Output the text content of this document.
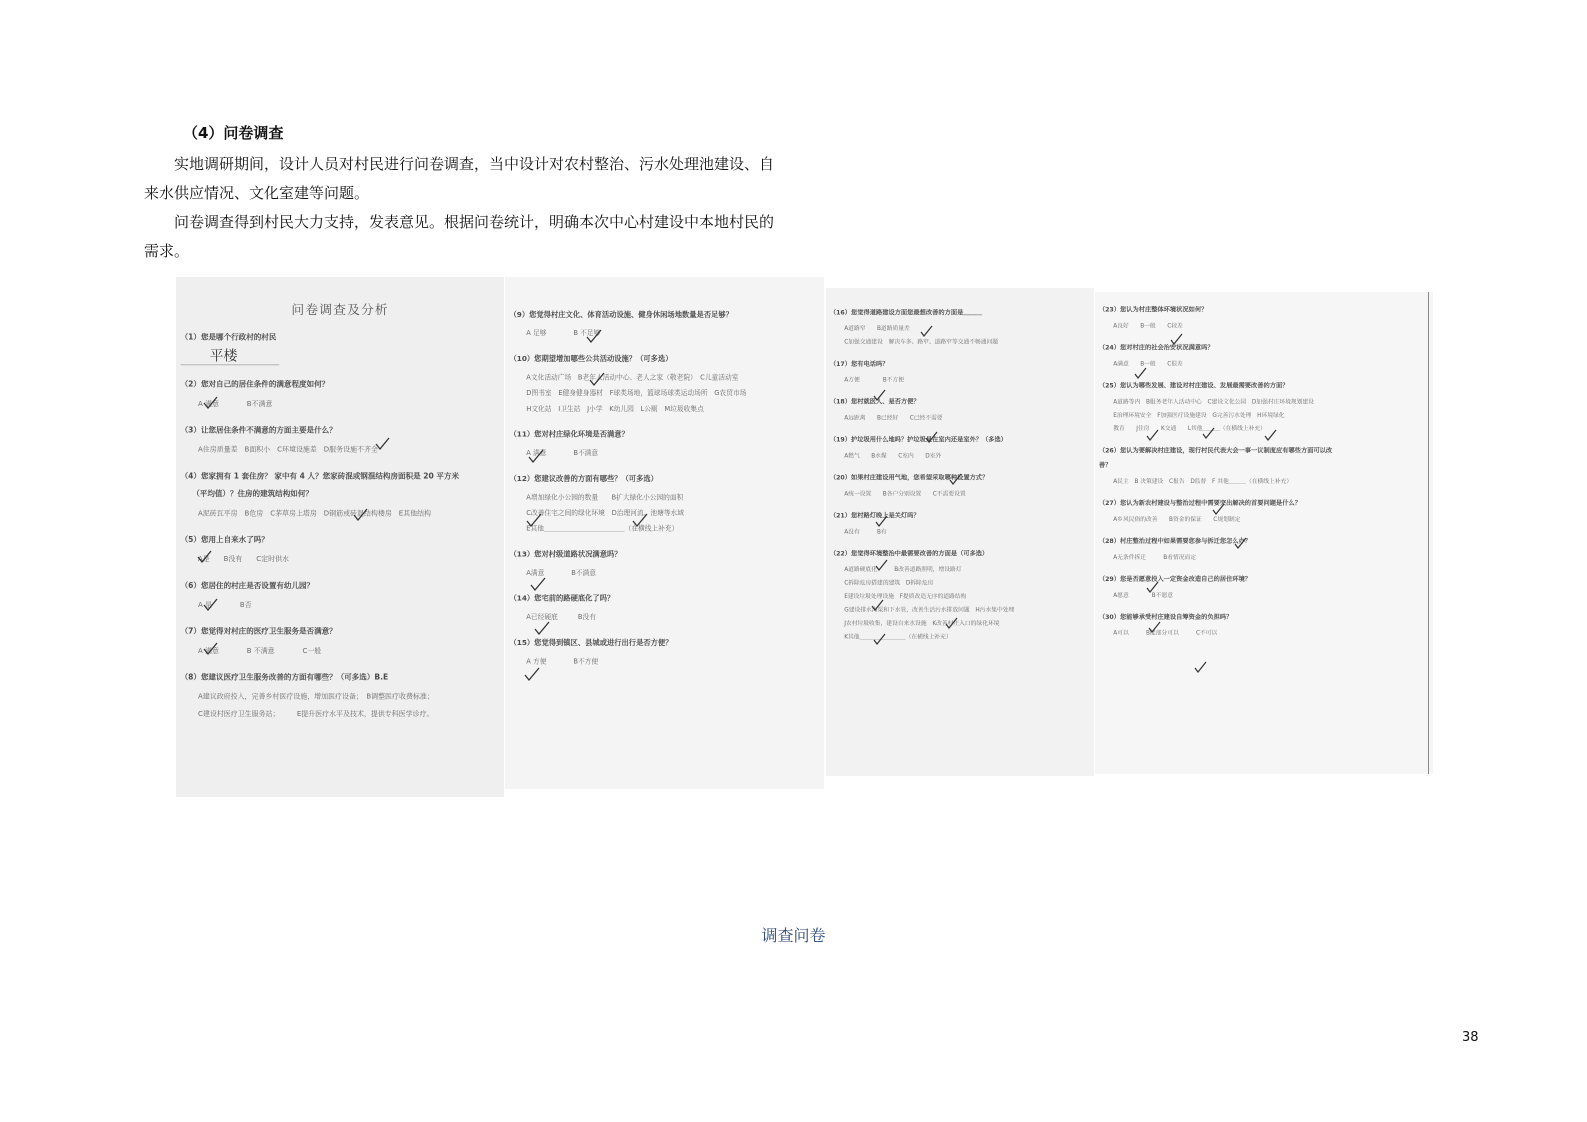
（4）问卷调查
实地调研期间，设计人员对村民进行问卷调查，当中设计对农村整治、污水处理池建设、自来水供应情况、文化室建等问题。
问卷调查得到村民大力支持，发表意见。根据问卷统计，明确本次中心村建设中本地村民的需求。
问卷调查及分析
（1）您是哪个行政村的村民
平楼
（2）您对自己的居住条件的满意程度如何？
A 满意　　　　B不满意
（3）让您居住条件不满意的方面主要是什么？
A住房质量差　B面积小　C环境设施差　D服务设施不齐全
（4）您家拥有 1 套住房？ 家中有 4 人？您家砖混或钢混结构房面积是 20 平方米
（平均值）？住房的建筑结构如何？
A泥砖瓦平房　B危房　C茅草房上塔房　D钢筋或砖混结构楼房　E其他结构
（5）您用上自来水了吗？
A是　　B没有　　C定时供水
（6）您居住的村庄是否设置有幼儿园？
A 是　　　　B否
（7）您觉得对村庄的医疗卫生服务是否满意？
A 满意　　　　B 不满意　　　　C一般
（8）您建议医疗卫生服务改善的方面有哪些？（可多选）B.E
A建议政府投入，完善乡村医疗设施，增加医疗设备；　B调整医疗收费标准；
C建设村医疗卫生服务站；　　　E提升医疗水平及技术，提供专科医学诊疗。
（9）您觉得村庄文化、体育活动设施、健身休闲场地数量是否足够？
A 足够　　　　B 不足够
（10）您期望增加哪些公共活动设施？（可多选）
A文化活动广场　B老年人活动中心、老人之家（敬老院）　C儿童活动室
D图书室　E健身健身器材　F球类场地，篮球场球类运动场所　G农贸市场
H文化站　I卫生站　J小学　K幼儿园　L公厕　M垃圾收集点
（11）您对村庄绿化环境是否满意？
A 满意　　　　B不满意
（12）您建议改善的方面有哪些？（可多选）
A增加绿化小公园的数量　　B扩大绿化小公园的面积
C改善住宅之间的绿化环境　D治理河流、池塘等水域
E其他＿＿＿＿＿＿＿＿＿＿＿＿（在横线上补充）
（13）您对村级道路状况满意吗？
A满意　　　　B不满意
（14）您宅前的路硬底化了吗？
A已经硬底　　　B没有
（15）您觉得到镇区、县城或进行出行是否方便？
A 方便　　　　B不方便
（16）您觉得道路建设方面您最想改善的方面是＿＿＿
A道路窄　　B道路质量差
C加强交通建设　解决车多、路窄、道路窄等交通不畅通问题
（17）您有电话吗？
A方便　　　　B不方便
（18）您村就医人、是否方便？
A远距离　　B已经好　　C已经不需要
（19）护垃圾用什么地吗？护垃圾是在室内还是室外？（多选）
A燃气　　B水煤　　C室内　　D室外
（20）如果村庄建设用气地，您希望采取哪种设置方式？
A统一设置　　B各户分别设置　　C不需要设置
（21）您村路灯晚上是关灯吗？
A没有　　　B有
（22）您觉得环境整治中最需要改善的方面是（可多选）
A道路硬底化　　　B改善道路照明，增设路灯
C拆除危房搭建的建筑　D拆除危房
E建设垃圾处理设施　F提质改造无序的道路结构
G建设排水沟渠和下水管，改善生活污水排放问题　H污水集中处理
J农村垃圾收集，建设自来水设施　K改善村庄入口的绿化环境
K其他＿＿＿＿＿＿＿＿（在横线上补充）
（23）您认为村庄整体环境状况如何？
A良好　　B一般　　C较差
（24）您对村庄的社会治安状况满意吗？
A满意　　B一般　　C很差
（25）您认为哪些发展、建设对村庄建设、发展最需要改善的方面？
A道路等内　B服务老年人活动中心　C建设文化公园　D加强村庄环境规划建设
E治理环境安全　F加强医疗设施建设　G完善污水处理　H环境绿化
教育　　J住房　　K交通　　L其他＿＿＿（在横线上补充）
（26）您认为要解决村庄建设，现行村民代表大会一事一议制度应有哪些方面可以改
善？
A民主　B 决策建设　C报告　D监督　F 其他＿＿＿（在横线上补充）
（27）您认为新农村建设与整治过程中需要突出解决的首要问题是什么？
A乡风民俗的改善　　B资金的保证　　C规划制定
（28）村庄整治过程中如果需要您参与拆迁您怎么办？
A无条件拆迁　　　B看情况而定
（29）您是否愿意投入一定资金改造自己的居住环境？
A愿意　　　　B不愿意
（30）您能够承受村庄建设自筹资金的负担吗？
A可以　　　B能部分可以　　　C不可以
调查问卷
38
